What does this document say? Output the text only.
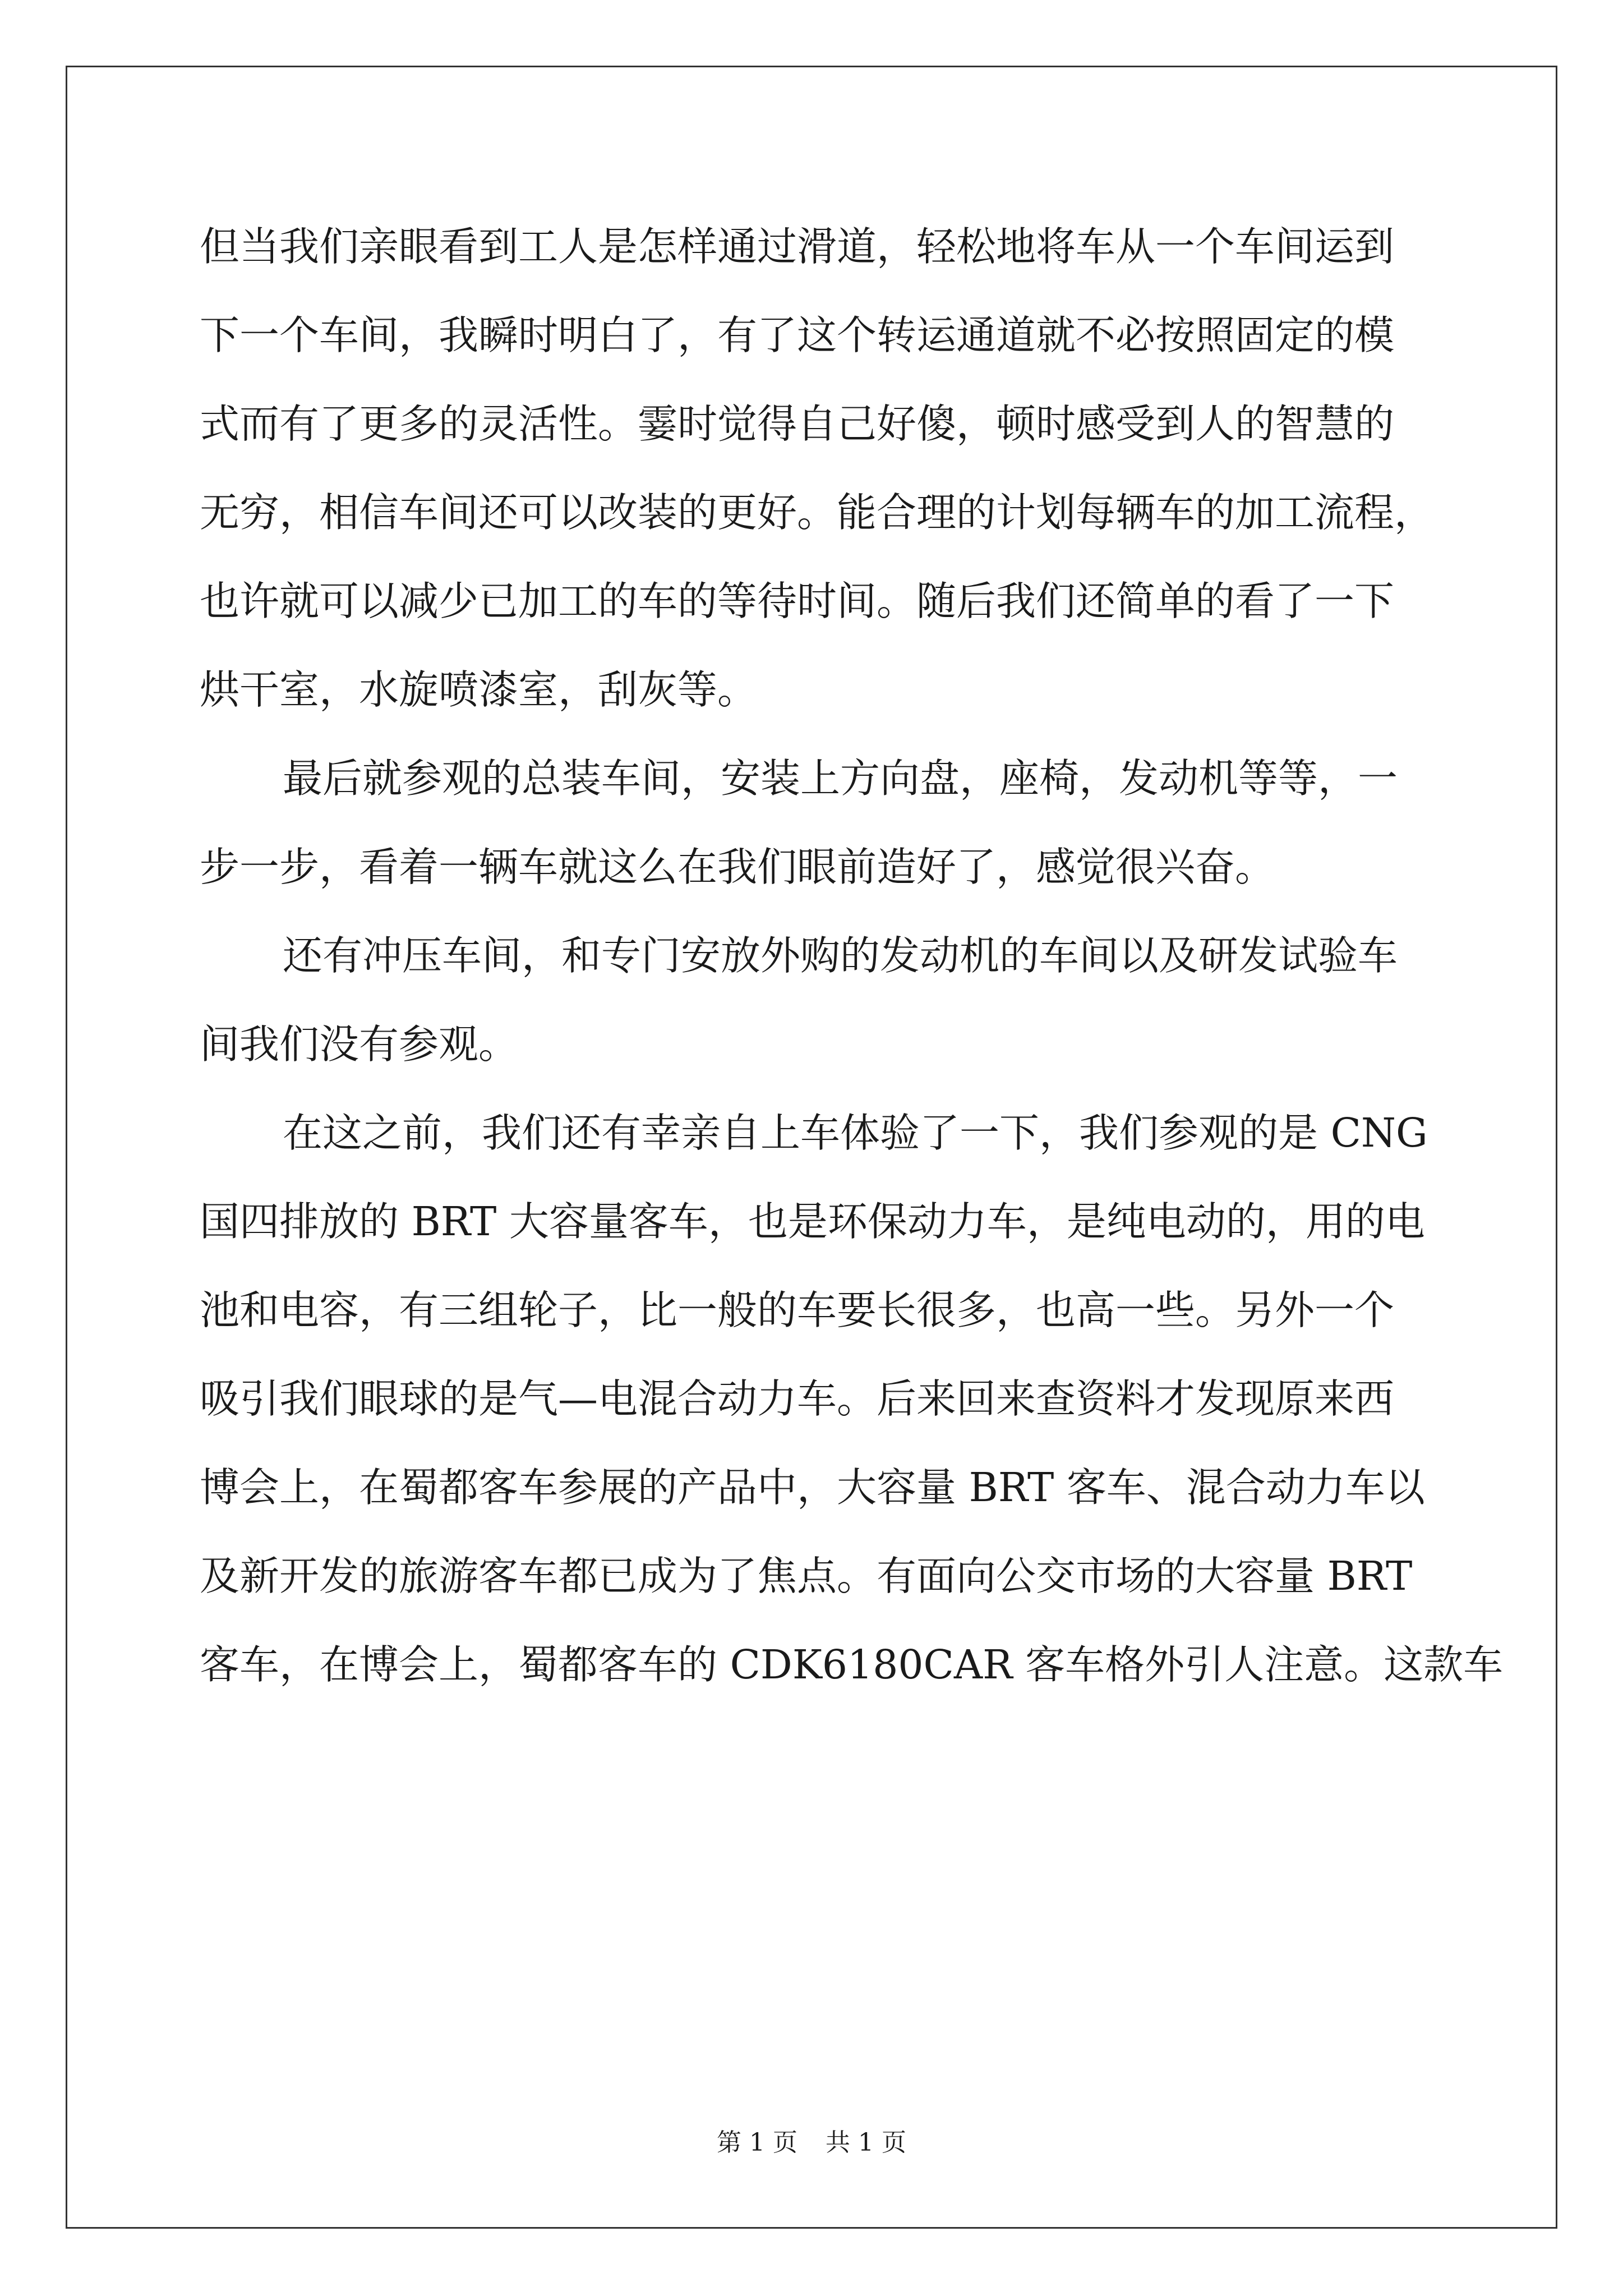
但当我们亲眼看到工人是怎样通过滑道，轻松地将车从一个车间运到
下一个车间，我瞬时明白了，有了这个转运通道就不必按照固定的模
式而有了更多的灵活性。霎时觉得自己好傻，顿时感受到人的智慧的
无穷，相信车间还可以改装的更好。能合理的计划每辆车的加工流程，
也许就可以减少已加工的车的等待时间。随后我们还简单的看了一下
烘干室，水旋喷漆室，刮灰等。
最后就参观的总装车间，安装上方向盘，座椅，发动机等等，一
步一步，看着一辆车就这么在我们眼前造好了，感觉很兴奋。
还有冲压车间，和专门安放外购的发动机的车间以及研发试验车
间我们没有参观。
在这之前，我们还有幸亲自上车体验了一下，我们参观的是 CNG
国四排放的 BRT 大容量客车，也是环保动力车，是纯电动的，用的电
池和电容，有三组轮子，比一般的车要长很多，也高一些。另外一个
吸引我们眼球的是气—电混合动力车。后来回来查资料才发现原来西
博会上，在蜀都客车参展的产品中，大容量 BRT 客车、混合动力车以
及新开发的旅游客车都已成为了焦点。有面向公交市场的大容量 BRT
客车，在博会上，蜀都客车的 CDK6180CAR 客车格外引人注意。这款车
第 1 页 共 1 页
